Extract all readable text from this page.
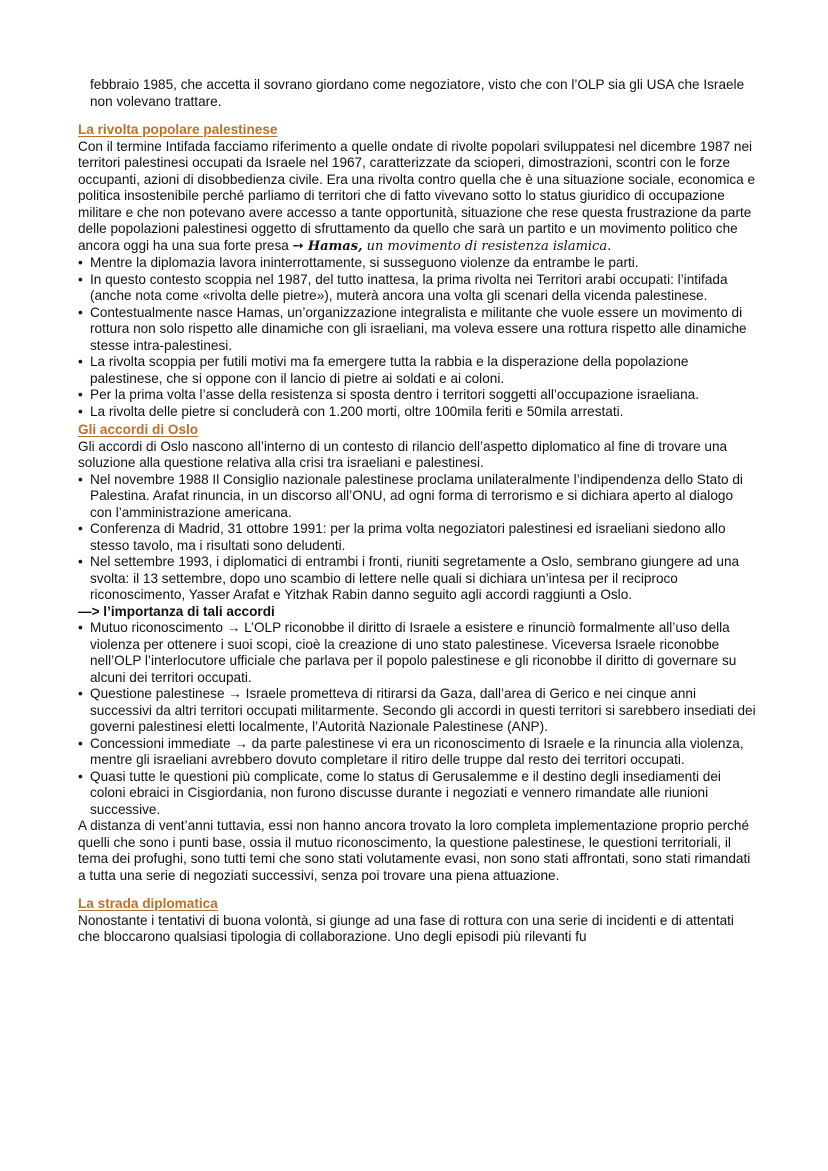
febbraio 1985, che accetta il sovrano giordano come negoziatore, visto che con l’OLP sia gli USA che Israele non volevano trattare.

La rivolta popolare palestinese

Con il termine Intifada facciamo riferimento a quelle ondate di rivolte popolari sviluppatesi nel dicembre 1987 nei territori palestinesi occupati da Israele nel 1967, caratterizzate da scioperi, dimostrazioni, scontri con le forze occupanti, azioni di disobbedienza civile. Era una rivolta contro quella che è una situazione sociale, economica e politica insostenibile perché parliamo di territori che di fatto vivevano sotto lo status giuridico di occupazione militare e che non potevano avere accesso a tante opportunità, situazione che rese questa frustrazione da parte delle popolazioni palestinesi oggetto di sfruttamento da quello che sarà un partito e un movimento politico che ancora oggi ha una sua forte presa ➙ Hamas, un movimento di resistenza islamica.

• Mentre la diplomazia lavora ininterrottamente, si susseguono violenze da entrambe le parti.
• In questo contesto scoppia nel 1987, del tutto inattesa, la prima rivolta nei Territori arabi occupati: l’intifada (anche nota come «rivolta delle pietre»), muterà ancora una volta gli scenari della vicenda palestinese.
• Contestualmente nasce Hamas, un’organizzazione integralista e militante che vuole essere un movimento di rottura non solo rispetto alle dinamiche con gli israeliani, ma voleva essere una rottura rispetto alle dinamiche stesse intra-palestinesi.
• La rivolta scoppia per futili motivi ma fa emergere tutta la rabbia e la disperazione della popolazione palestinese, che si oppone con il lancio di pietre ai soldati e ai coloni.
• Per la prima volta l’asse della resistenza si sposta dentro i territori soggetti all’occupazione israeliana.
• La rivolta delle pietre si concluderà con 1.200 morti, oltre 100mila feriti e 50mila arrestati.
Gli accordi di Oslo

Gli accordi di Oslo nascono all’interno di un contesto di rilancio dell’aspetto diplomatico al fine di trovare una soluzione alla questione relativa alla crisi tra israeliani e palestinesi.

• Nel novembre 1988 Il Consiglio nazionale palestinese proclama unilateralmente l’indipendenza dello Stato di Palestina. Arafat rinuncia, in un discorso all’ONU, ad ogni forma di terrorismo e si dichiara aperto al dialogo con l’amministrazione americana.
• Conferenza di Madrid, 31 ottobre 1991: per la prima volta negoziatori palestinesi ed israeliani siedono allo stesso tavolo, ma i risultati sono deludenti.
• Nel settembre 1993, i diplomatici di entrambi i fronti, riuniti segretamente a Oslo, sembrano giungere ad una svolta: il 13 settembre, dopo uno scambio di lettere nelle quali si dichiara un’intesa per il reciproco riconoscimento, Yasser Arafat e Yitzhak Rabin danno seguito agli accordi raggiunti a Oslo.

—> l’importanza di tali accordi

• Mutuo riconoscimento → L’OLP riconobbe il diritto di Israele a esistere e rinunciò formalmente all’uso della violenza per ottenere i suoi scopi, cioè la creazione di uno stato palestinese. Viceversa Israele riconobbe nell’OLP l’interlocutore ufficiale che parlava per il popolo palestinese e gli riconobbe il diritto di governare su alcuni dei territori occupati.
• Questione palestinese → Israele prometteva di ritirarsi da Gaza, dall’area di Gerico e nei cinque anni successivi da altri territori occupati militarmente. Secondo gli accordi in questi territori si sarebbero insediati dei governi palestinesi eletti localmente, l’Autorità Nazionale Palestinese (ANP).
• Concessioni immediate → da parte palestinese vi era un riconoscimento di Israele e la rinuncia alla violenza, mentre gli israeliani avrebbero dovuto completare il ritiro delle truppe dal resto dei territori occupati.
• Quasi tutte le questioni più complicate, come lo status di Gerusalemme e il destino degli insediamenti dei coloni ebraici in Cisgiordania, non furono discusse durante i negoziati e vennero rimandate alle riunioni successive.

A distanza di vent’anni tuttavia, essi non hanno ancora trovato la loro completa implementazione proprio perché quelli che sono i punti base, ossia il mutuo riconoscimento, la questione palestinese, le questioni territoriali, il tema dei profughi, sono tutti temi che sono stati volutamente evasi, non sono stati affrontati, sono stati rimandati a tutta una serie di negoziati successivi, senza poi trovare una piena attuazione.

La strada diplomatica

Nonostante i tentativi di buona volontà, si giunge ad una fase di rottura con una serie di incidenti e di attentati che bloccarono qualsiasi tipologia di collaborazione. Uno degli episodi più rilevanti fu
